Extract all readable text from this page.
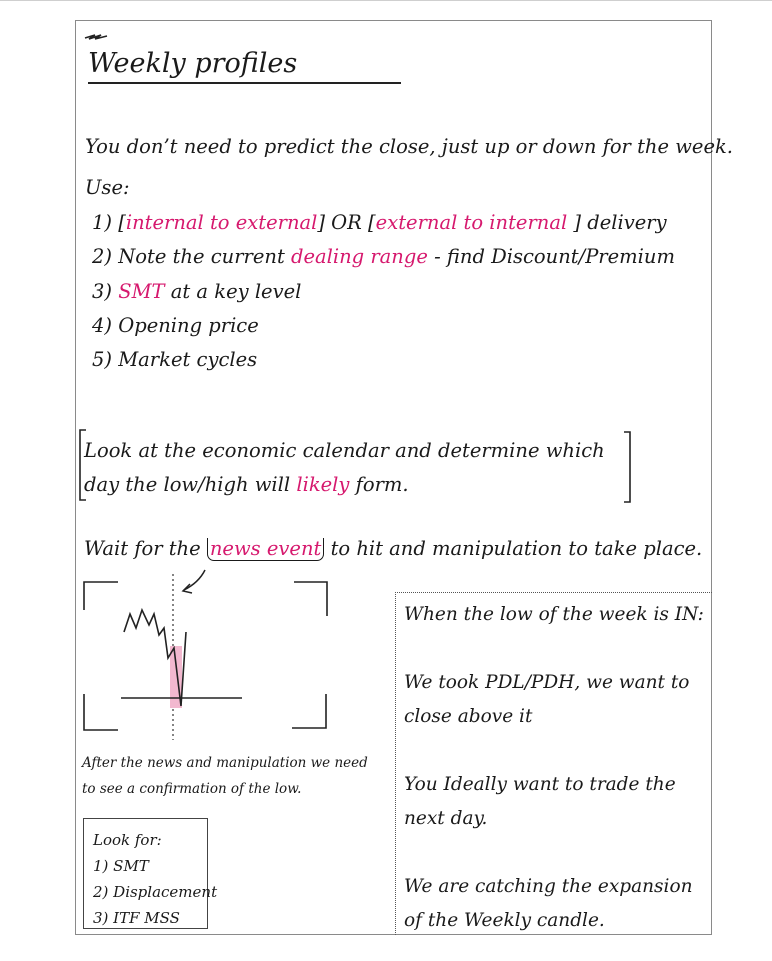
Weekly profiles
You don’t need to predict the close, just up or down for the week.
Use:
1) [internal to external] OR [external to internal ] delivery
2) Note the current dealing range - find Discount/Premium
3) SMT at a key level
4) Opening price
5) Market cycles
Look at the economic calendar and determine which day the low/high will likely form.
Wait for the news event to hit and manipulation to take place.
After the news and manipulation we need to see a confirmation of the low.
Look for:
1) SMT
2) Displacement
3) ITF MSS
When the low of the week is IN:
We took PDL/PDH, we want to
close above it
You Ideally want to trade the
next day.
We are catching the expansion
of the Weekly candle.
